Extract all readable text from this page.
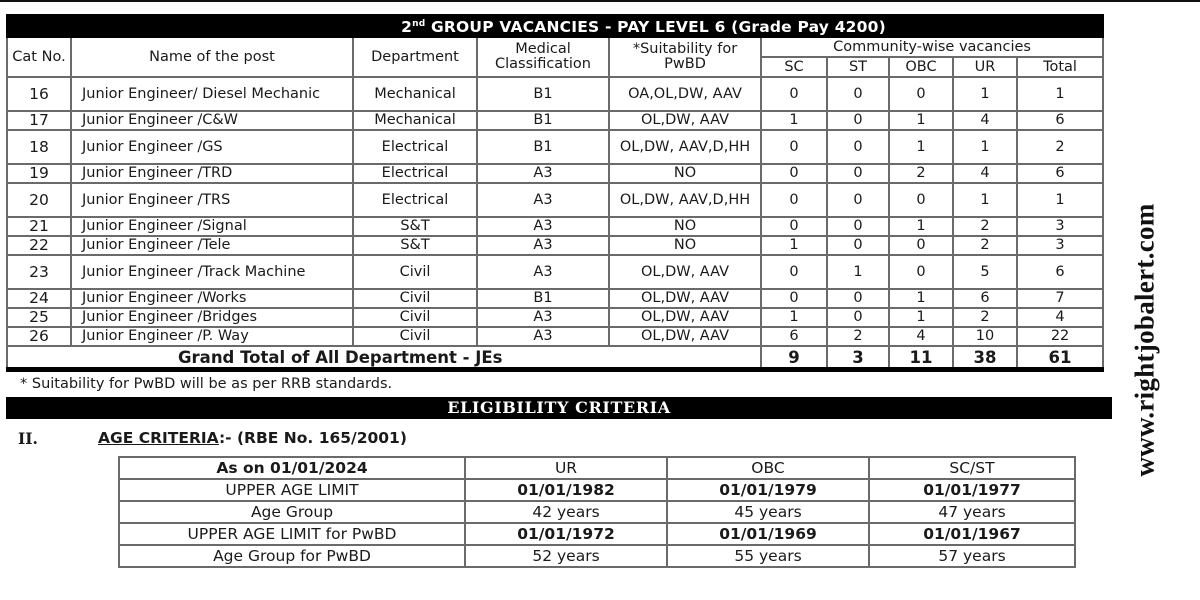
2nd GROUP VACANCIES - PAY LEVEL 6 (Grade Pay 4200)									
Cat No.	Name of the post	Department	Medical Classification	*Suitability for PwBD	Community-wise vacancies				
					SC	ST	OBC	UR	Total
16	Junior Engineer/ Diesel Mechanic	Mechanical	B1	OA,OL,DW, AAV	0	0	0	1	1
17	Junior Engineer /C&W	Mechanical	B1	OL,DW, AAV	1	0	1	4	6
18	Junior Engineer /GS	Electrical	B1	OL,DW, AAV,D,HH	0	0	1	1	2
19	Junior Engineer /TRD	Electrical	A3	NO	0	0	2	4	6
20	Junior Engineer /TRS	Electrical	A3	OL,DW, AAV,D,HH	0	0	0	1	1
21	Junior Engineer /Signal	S&T	A3	NO	0	0	1	2	3
22	Junior Engineer /Tele	S&T	A3	NO	1	0	0	2	3
23	Junior Engineer /Track Machine	Civil	A3	OL,DW, AAV	0	1	0	5	6
24	Junior Engineer /Works	Civil	B1	OL,DW, AAV	0	0	1	6	7
25	Junior Engineer /Bridges	Civil	A3	OL,DW, AAV	1	0	1	2	4
26	Junior Engineer /P. Way	Civil	A3	OL,DW, AAV	6	2	4	10	22
Grand Total of All Department - JEs					9	3	11	38	61
* Suitability for PwBD will be as per RRB standards.
ELIGIBILITY CRITERIA
II.	AGE CRITERIA:- (RBE No. 165/2001)
As on 01/01/2024	UR	OBC	SC/ST
UPPER AGE LIMIT	01/01/1982	01/01/1979	01/01/1977
Age Group	42 years	45 years	47 years
UPPER AGE LIMIT for PwBD	01/01/1972	01/01/1969	01/01/1967
Age Group for PwBD	52 years	55 years	57 years
www.rightjobalert.com
